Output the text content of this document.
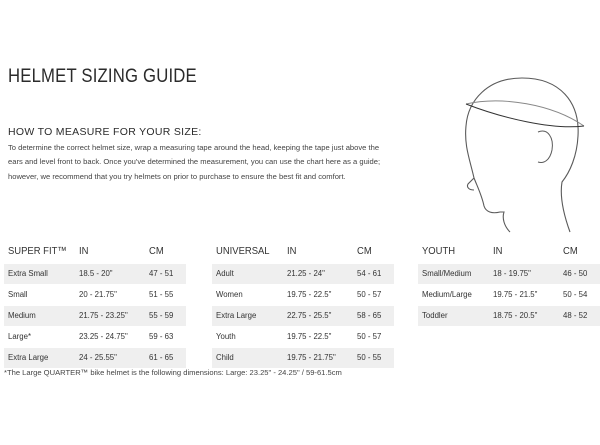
HELMET SIZING GUIDE
HOW TO MEASURE FOR YOUR SIZE:
To determine the correct helmet size, wrap a measuring tape around the head, keeping the tape just above the
ears and level front to back. Once you've determined the measurement, you can use the chart here as a guide;
however, we recommend that you try helmets on prior to purchase to ensure the best fit and comfort.
SUPER FIT™ IN	CM
Extra Small	18.5 - 20"	47 - 51
Small	20 - 21.75"	51 - 55
Medium	21.75 - 23.25"	55 - 59
Large*	23.25 - 24.75"	59 - 63
Extra Large	24 - 25.55"	61 - 65
UNIVERSAL IN	CM
Adult	21.25 - 24"	54 - 61
Women	19.75 - 22.5"	50 - 57
Extra Large	22.75 - 25.5"	58 - 65
Youth	19.75 - 22.5"	50 - 57
Child	19.75 - 21.75"	50 - 55
YOUTH	IN	CM
Small/Medium	18 - 19.75"	46 - 50
Medium/Large	19.75 - 21.5"	50 - 54
Toddler	18.75 - 20.5"	48 - 52
*The Large QUARTER™ bike helmet is the following dimensions: Large: 23.25" - 24.25" / 59-61.5cm
